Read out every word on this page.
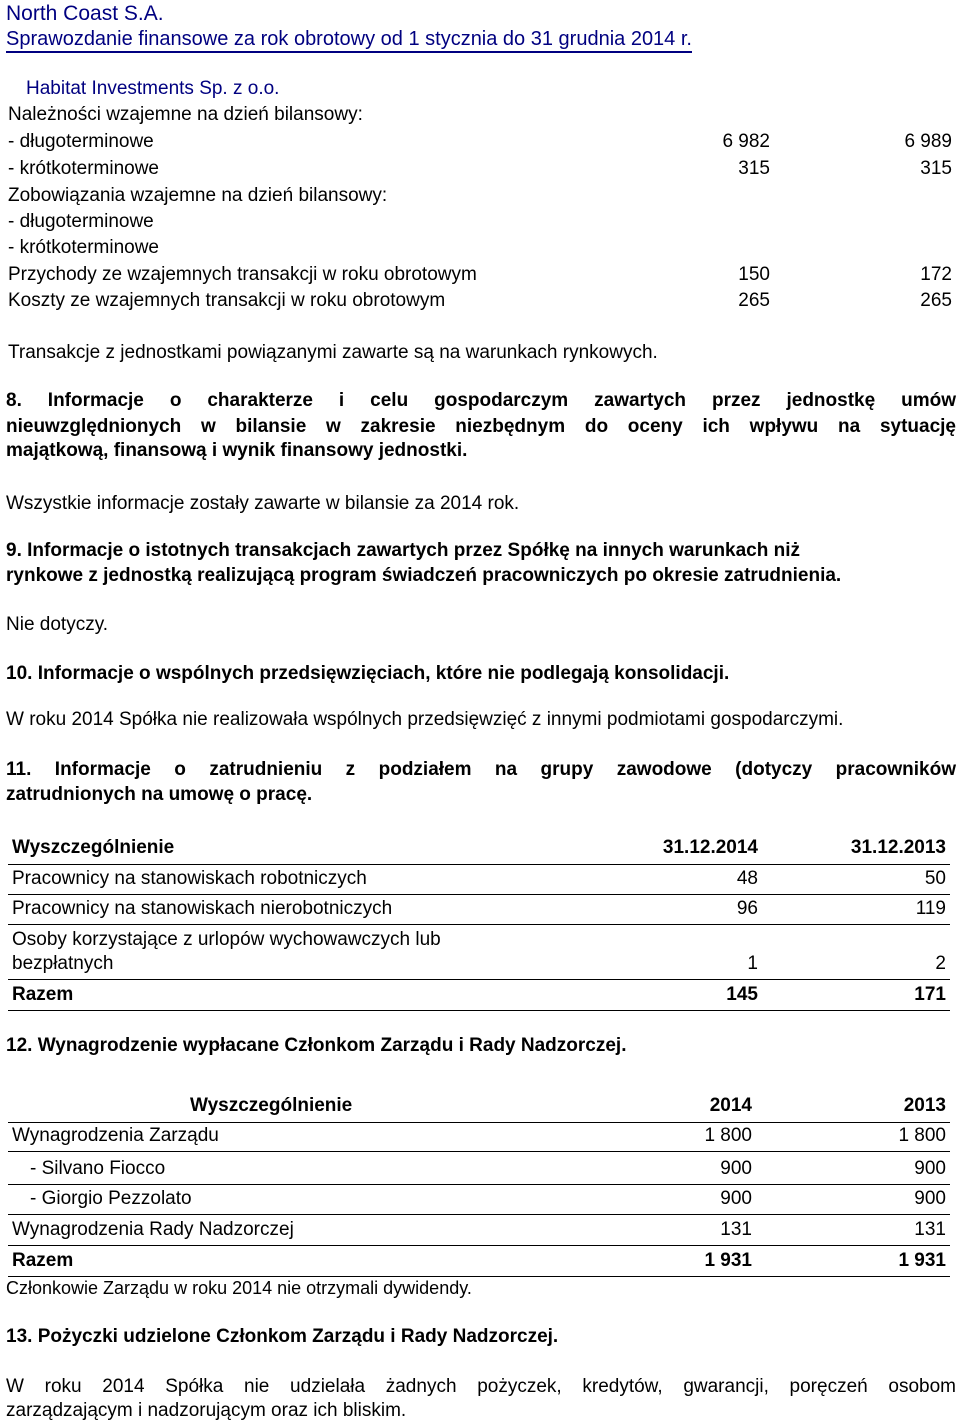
North Coast S.A.
Sprawozdanie finansowe za rok obrotowy od 1 stycznia do 31 grudnia 2014 r.
Habitat Investments Sp. z o.o.
Należności wzajemne na dzień bilansowy:
- długoterminowe	6 982	6 989
- krótkoterminowe	315	315
Zobowiązania wzajemne na dzień bilansowy:
- długoterminowe
- krótkoterminowe
Przychody ze wzajemnych transakcji w roku obrotowym	150	172
Koszty ze wzajemnych transakcji w roku obrotowym	265	265
Transakcje z jednostkami powiązanymi zawarte są na warunkach rynkowych.
8. Informacje o charakterze i celu gospodarczym zawartych przez jednostkę umów
nieuwzględnionych w bilansie w zakresie niezbędnym do oceny ich wpływu na sytuację
majątkową, finansową i wynik finansowy jednostki.
Wszystkie informacje zostały zawarte w bilansie za 2014 rok.
9. Informacje o istotnych transakcjach zawartych przez Spółkę na innych warunkach niż
rynkowe z jednostką realizującą program świadczeń pracowniczych po okresie zatrudnienia.
Nie dotyczy.
10. Informacje o wspólnych przedsięwzięciach, które nie podlegają konsolidacji.
W roku 2014 Spółka nie realizowała wspólnych przedsięwzięć z innymi podmiotami gospodarczymi.
11. Informacje o zatrudnieniu z podziałem na grupy zawodowe (dotyczy pracowników
zatrudnionych na umowę o pracę.
Wyszczególnienie	31.12.2014	31.12.2013
Pracownicy na stanowiskach robotniczych	48	50
Pracownicy na stanowiskach nierobotniczych	96	119
Osoby korzystające z urlopów wychowawczych lub
bezpłatnych	1	2
Razem	145	171
12. Wynagrodzenie wypłacane Członkom Zarządu i Rady Nadzorczej.
Wyszczególnienie	2014	2013
Wynagrodzenia Zarządu	1 800	1 800
- Silvano Fiocco	900	900
- Giorgio Pezzolato	900	900
Wynagrodzenia Rady Nadzorczej	131	131
Razem	1 931	1 931
Członkowie Zarządu w roku 2014 nie otrzymali dywidendy.
13. Pożyczki udzielone Członkom Zarządu i Rady Nadzorczej.
W roku 2014 Spółka nie udzielała żadnych pożyczek, kredytów, gwarancji, poręczeń osobom
zarządzającym i nadzorującym oraz ich bliskim.
